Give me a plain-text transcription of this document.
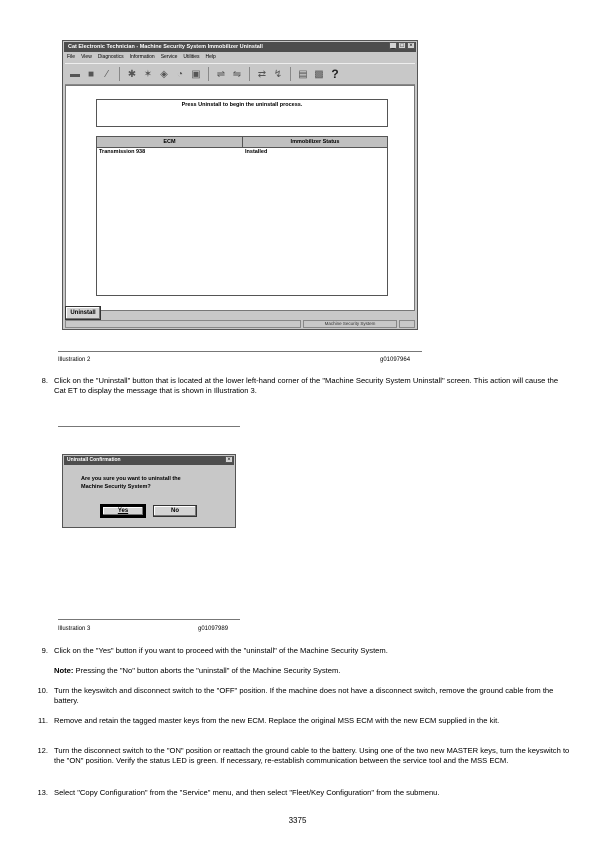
Cat Electronic Technician - Machine Security System Immobilizer Uninstall	_ □ ×
File View Diagnostics Information Service Utilities Help
▬ ■	⁄	✱ ✶ ◈ ◔ ▣ ⇌ ⇋ ⇄ ↯ ▤ ▩ ?
Press Uninstall to begin the uninstall process.
ECM	Immobilizer Status
Transmission 938	Installed
Uninstall
Machine Security System
Illustration 2	g01097964
8. Click on the "Uninstall" button that is located at the lower left-hand corner of the "Machine Security System Uninstall" screen. This action will cause the Cat ET to display the message that is shown in Illustration 3.
Uninstall Confirmation	×
Are you sure you want to uninstall the
Machine Security System?
Yes	No
Illustration 3	g01097989
9. Click on the "Yes" button if you want to proceed with the "uninstall" of the Machine Security System.
Note: Pressing the "No" button aborts the "uninstall" of the Machine Security System.
10. Turn the keyswitch and disconnect switch to the "OFF" position. If the machine does not have a disconnect switch, remove the ground cable from the battery.
11. Remove and retain the tagged master keys from the new ECM. Replace the original MSS ECM with the new ECM supplied in the kit.
12. Turn the disconnect switch to the "ON" position or reattach the ground cable to the battery. Using one of the two new MASTER keys, turn the keyswitch to the "ON" position. Verify the status LED is green. If necessary, re-establish communication between the service tool and the MSS ECM.
13. Select "Copy Configuration" from the "Service" menu, and then select "Fleet/Key Configuration" from the submenu.
3375
